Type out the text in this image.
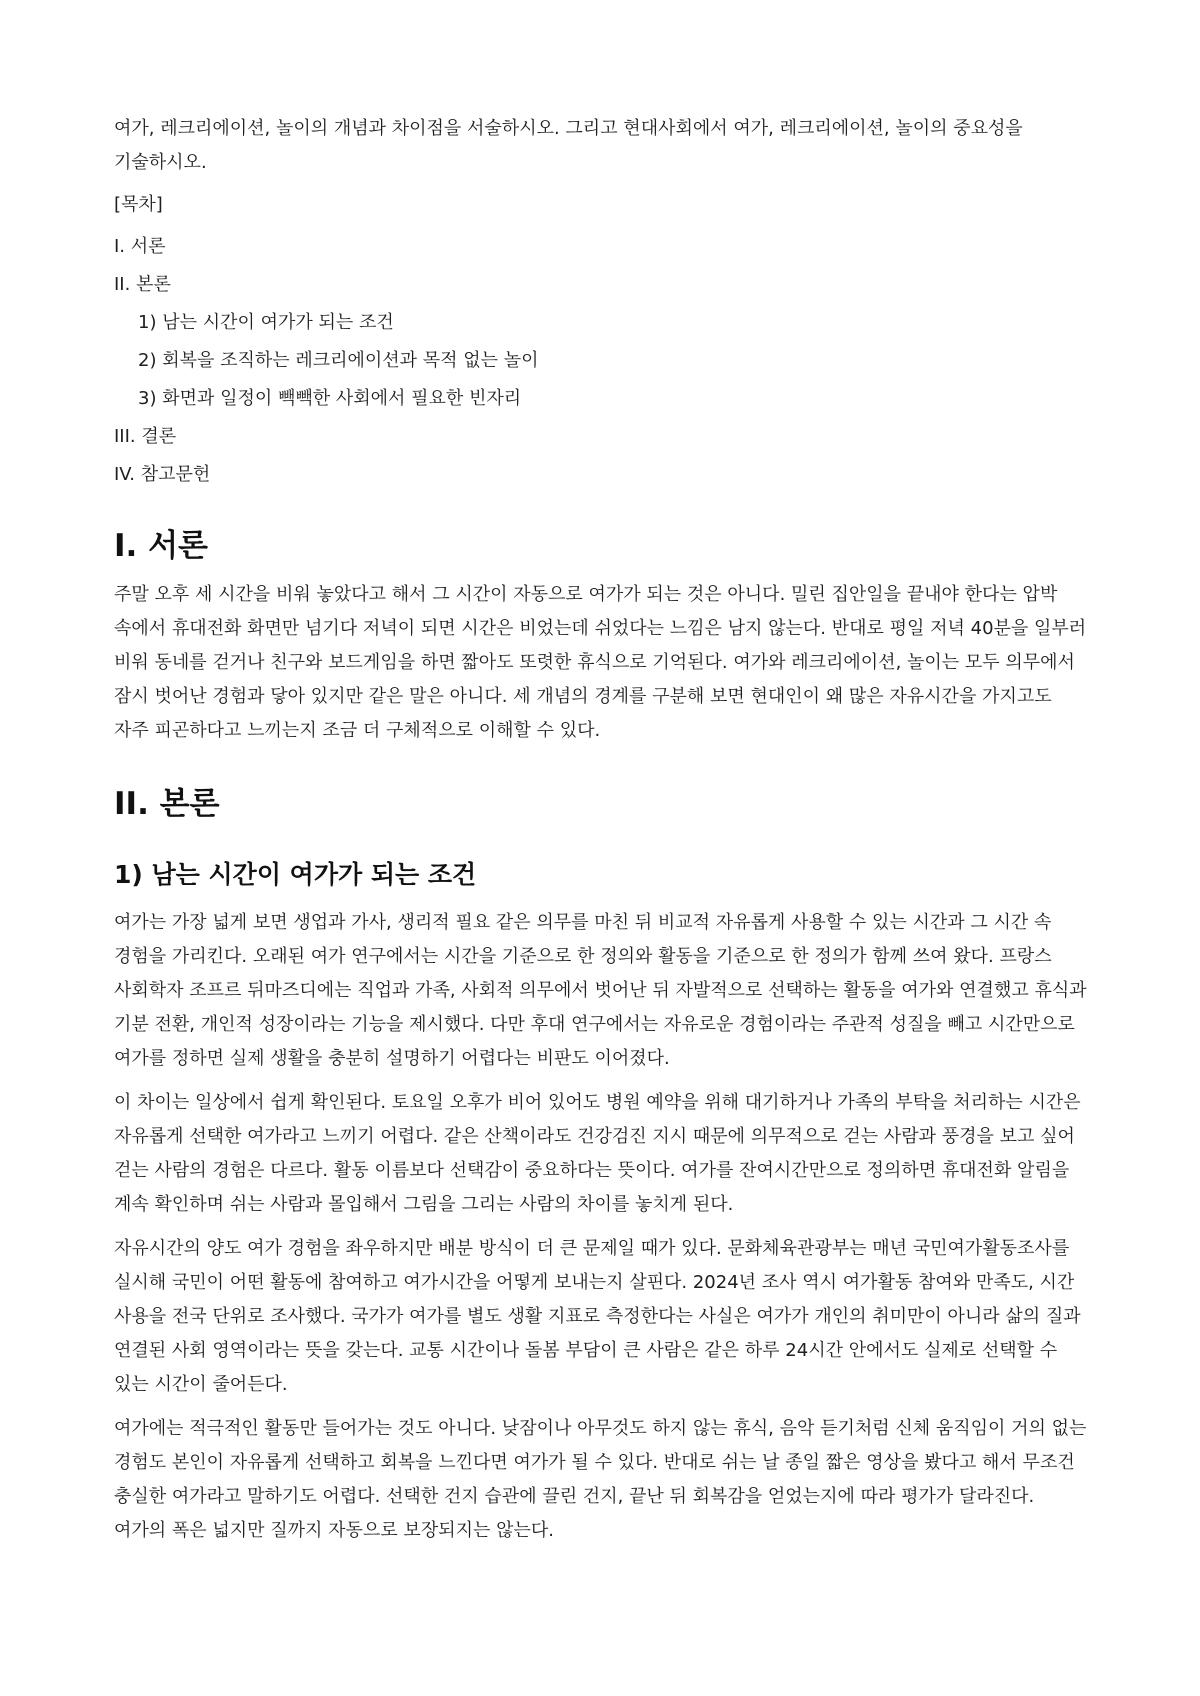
여가, 레크리에이션, 놀이의 개념과 차이점을 서술하시오. 그리고 현대사회에서 여가, 레크리에이션, 놀이의 중요성을 기술하시오.

[목차]

I. 서론

II. 본론

1) 남는 시간이 여가가 되는 조건

2) 회복을 조직하는 레크리에이션과 목적 없는 놀이

3) 화면과 일정이 빽빽한 사회에서 필요한 빈자리

III. 결론

IV. 참고문헌

I. 서론

주말 오후 세 시간을 비워 놓았다고 해서 그 시간이 자동으로 여가가 되는 것은 아니다. 밀린 집안일을 끝내야 한다는 압박 속에서 휴대전화 화면만 넘기다 저녁이 되면 시간은 비었는데 쉬었다는 느낌은 남지 않는다. 반대로 평일 저녁 40분을 일부러 비워 동네를 걷거나 친구와 보드게임을 하면 짧아도 또렷한 휴식으로 기억된다. 여가와 레크리에이션, 놀이는 모두 의무에서 잠시 벗어난 경험과 닿아 있지만 같은 말은 아니다. 세 개념의 경계를 구분해 보면 현대인이 왜 많은 자유시간을 가지고도 자주 피곤하다고 느끼는지 조금 더 구체적으로 이해할 수 있다.

II. 본론
1) 남는 시간이 여가가 되는 조건

여가는 가장 넓게 보면 생업과 가사, 생리적 필요 같은 의무를 마친 뒤 비교적 자유롭게 사용할 수 있는 시간과 그 시간 속 경험을 가리킨다. 오래된 여가 연구에서는 시간을 기준으로 한 정의와 활동을 기준으로 한 정의가 함께 쓰여 왔다. 프랑스 사회학자 조프르 뒤마즈디에는 직업과 가족, 사회적 의무에서 벗어난 뒤 자발적으로 선택하는 활동을 여가와 연결했고 휴식과 기분 전환, 개인적 성장이라는 기능을 제시했다. 다만 후대 연구에서는 자유로운 경험이라는 주관적 성질을 빼고 시간만으로 여가를 정하면 실제 생활을 충분히 설명하기 어렵다는 비판도 이어졌다.

이 차이는 일상에서 쉽게 확인된다. 토요일 오후가 비어 있어도 병원 예약을 위해 대기하거나 가족의 부탁을 처리하는 시간은 자유롭게 선택한 여가라고 느끼기 어렵다. 같은 산책이라도 건강검진 지시 때문에 의무적으로 걷는 사람과 풍경을 보고 싶어 걷는 사람의 경험은 다르다. 활동 이름보다 선택감이 중요하다는 뜻이다. 여가를 잔여시간만으로 정의하면 휴대전화 알림을 계속 확인하며 쉬는 사람과 몰입해서 그림을 그리는 사람의 차이를 놓치게 된다.

자유시간의 양도 여가 경험을 좌우하지만 배분 방식이 더 큰 문제일 때가 있다. 문화체육관광부는 매년 국민여가활동조사를 실시해 국민이 어떤 활동에 참여하고 여가시간을 어떻게 보내는지 살핀다. 2024년 조사 역시 여가활동 참여와 만족도, 시간 사용을 전국 단위로 조사했다. 국가가 여가를 별도 생활 지표로 측정한다는 사실은 여가가 개인의 취미만이 아니라 삶의 질과 연결된 사회 영역이라는 뜻을 갖는다. 교통 시간이나 돌봄 부담이 큰 사람은 같은 하루 24시간 안에서도 실제로 선택할 수 있는 시간이 줄어든다.

여가에는 적극적인 활동만 들어가는 것도 아니다. 낮잠이나 아무것도 하지 않는 휴식, 음악 듣기처럼 신체 움직임이 거의 없는 경험도 본인이 자유롭게 선택하고 회복을 느낀다면 여가가 될 수 있다. 반대로 쉬는 날 종일 짧은 영상을 봤다고 해서 무조건 충실한 여가라고 말하기도 어렵다. 선택한 건지 습관에 끌린 건지, 끝난 뒤 회복감을 얻었는지에 따라 평가가 달라진다. 여가의 폭은 넓지만 질까지 자동으로 보장되지는 않는다.
